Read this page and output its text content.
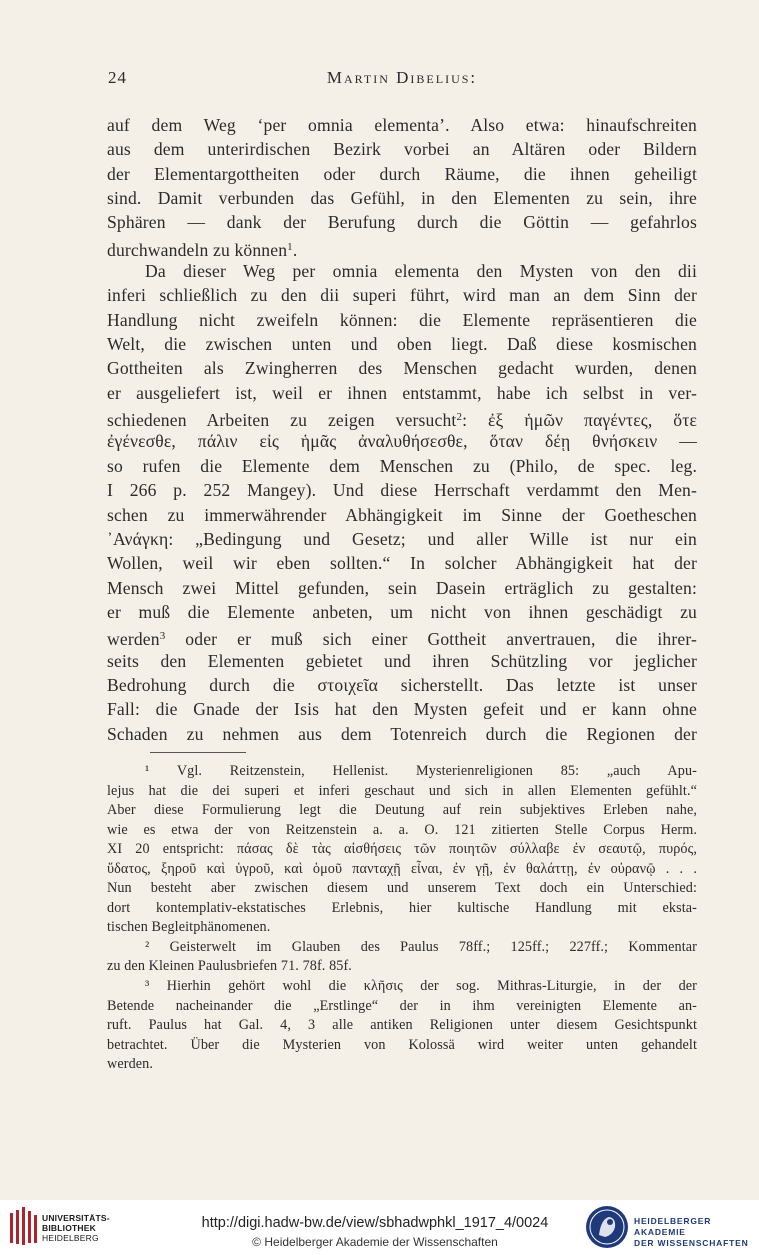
24	Martin Dibelius:
auf dem Weg ‘per omnia elementa’. Also etwa: hinaufschreiten
aus dem unterirdischen Bezirk vorbei an Altären oder Bildern
der Elementargottheiten oder durch Räume, die ihnen geheiligt
sind. Damit verbunden das Gefühl, in den Elementen zu sein, ihre
Sphären — dank der Berufung durch die Göttin — gefahrlos
durchwandeln zu können$^1$.
Da dieser Weg per omnia elementa den Mysten von den dii
inferi schließlich zu den dii superi führt, wird man an dem Sinn der
Handlung nicht zweifeln können: die Elemente repräsentieren die
Welt, die zwischen unten und oben liegt. Daß diese kosmischen
Gottheiten als Zwingherren des Menschen gedacht wurden, denen
er ausgeliefert ist, weil er ihnen entstammt, habe ich selbst in ver-
schiedenen Arbeiten zu zeigen versucht$^2$: ἐξ ἡμῶν παγέντες, ὅτε
ἐγένεσθε, πάλιν εἰς ἡμᾶς ἀναλυθήσεσθε, ὅταν δέῃ θνήσκειν —
so rufen die Elemente dem Menschen zu (Philo, de spec. leg.
I 266 p. 252 Mangey). Und diese Herrschaft verdammt den Men-
schen zu immerwährender Abhängigkeit im Sinne der Goetheschen
᾿Ανάγκη: „Bedingung und Gesetz; und aller Wille ist nur ein
Wollen, weil wir eben sollten.“ In solcher Abhängigkeit hat der
Mensch zwei Mittel gefunden, sein Dasein erträglich zu gestalten:
er muß die Elemente anbeten, um nicht von ihnen geschädigt zu
werden$^3$ oder er muß sich einer Gottheit anvertrauen, die ihrer-
seits den Elementen gebietet und ihren Schützling vor jeglicher
Bedrohung durch die στοιχεῖα sicherstellt. Das letzte ist unser
Fall: die Gnade der Isis hat den Mysten gefeit und er kann ohne
Schaden zu nehmen aus dem Totenreich durch die Regionen der
¹ Vgl. Reitzenstein, Hellenist. Mysterienreligionen 85: „auch Apu-
lejus hat die dei superi et inferi geschaut und sich in allen Elementen gefühlt.“
Aber diese Formulierung legt die Deutung auf rein subjektives Erleben nahe,
wie es etwa der von Reitzenstein a. a. O. 121 zitierten Stelle Corpus Herm.
XI 20 entspricht: πάσας δὲ τὰς αἰσθήσεις τῶν ποιητῶν σύλλαβε ἐν σεαυτῷ, πυρός,
ὕδατος, ξηροῦ καὶ ὑγροῦ, καὶ ὁμοῦ πανταχῇ εἶναι, ἐν γῇ, ἐν θαλάττῃ, ἐν οὐρανῷ . . .
Nun besteht aber zwischen diesem und unserem Text doch ein Unterschied:
dort kontemplativ-ekstatisches Erlebnis, hier kultische Handlung mit eksta-
tischen Begleitphänomenen.
² Geisterwelt im Glauben des Paulus 78ff.; 125ff.; 227ff.; Kommentar
zu den Kleinen Paulusbriefen 71. 78f. 85f.
³ Hierhin gehört wohl die κλῆσις der sog. Mithras-Liturgie, in der der
Betende nacheinander die „Erstlinge“ der in ihm vereinigten Elemente an-
ruft. Paulus hat Gal. 4, 3 alle antiken Religionen unter diesem Gesichtspunkt
betrachtet. Über die Mysterien von Kolossä wird weiter unten gehandelt
werden.
UNIVERSITÄTS-
BIBLIOTHEK
HEIDELBERG
http://digi.hadw-bw.de/view/sbhadwphkl_1917_4/0024
© Heidelberger Akademie der Wissenschaften
HEIDELBERGER AKADEMIE
DER WISSENSCHAFTEN
